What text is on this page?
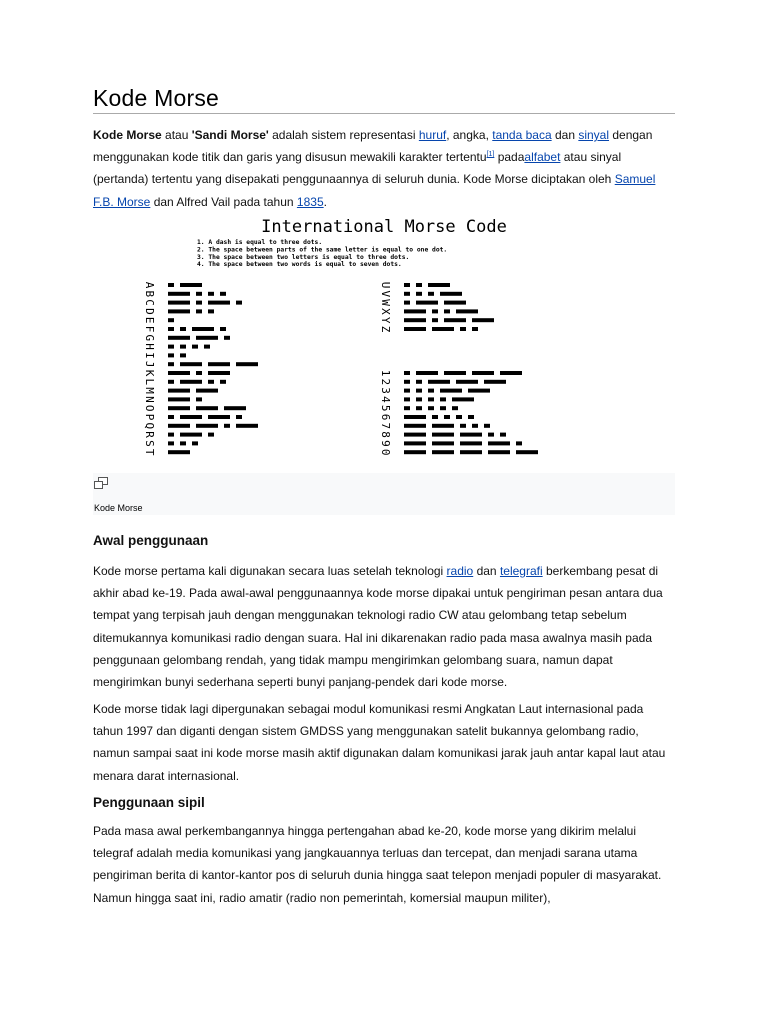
Kode Morse

Kode Morse atau 'Sandi Morse' adalah sistem representasi huruf, angka, tanda baca dan sinyal dengan menggunakan kode titik dan garis yang disusun mewakili karakter tertentu[1] padaalfabet atau sinyal (pertanda) tertentu yang disepakati penggunaannya di seluruh dunia. Kode Morse diciptakan oleh Samuel F.B. Morse dan Alfred Vail pada tahun 1835.

International Morse Code
1. A dash is equal to three dots.
2. The space between parts of the same letter is equal to one dot.
3. The space between two letters is equal to three dots.
4. The space between two words is equal to seven dots.
A
B
C
D
E
F
G
H
I
J
K
L
M
N
O
P
Q
R
S
T
U
V
W
X
Y
Z
1
2
3
4
5
6
7
8
9
0
Kode Morse
Awal penggunaan

Kode morse pertama kali digunakan secara luas setelah teknologi radio dan telegrafi berkembang pesat di akhir abad ke-19. Pada awal-awal penggunaannya kode morse dipakai untuk pengiriman pesan antara dua tempat yang terpisah jauh dengan menggunakan teknologi radio CW atau gelombang tetap sebelum ditemukannya komunikasi radio dengan suara. Hal ini dikarenakan radio pada masa awalnya masih pada penggunaan gelombang rendah, yang tidak mampu mengirimkan gelombang suara, namun dapat mengirimkan bunyi sederhana seperti bunyi panjang-pendek dari kode morse.

Kode morse tidak lagi dipergunakan sebagai modul komunikasi resmi Angkatan Laut internasional pada tahun 1997 dan diganti dengan sistem GMDSS yang menggunakan satelit bukannya gelombang radio, namun sampai saat ini kode morse masih aktif digunakan dalam komunikasi jarak jauh antar kapal laut atau menara darat internasional.

Penggunaan sipil

Pada masa awal perkembangannya hingga pertengahan abad ke-20, kode morse yang dikirim melalui telegraf adalah media komunikasi yang jangkauannya terluas dan tercepat, dan menjadi sarana utama pengiriman berita di kantor-kantor pos di seluruh dunia hingga saat telepon menjadi populer di masyarakat. Namun hingga saat ini, radio amatir (radio non pemerintah, komersial maupun militer),
